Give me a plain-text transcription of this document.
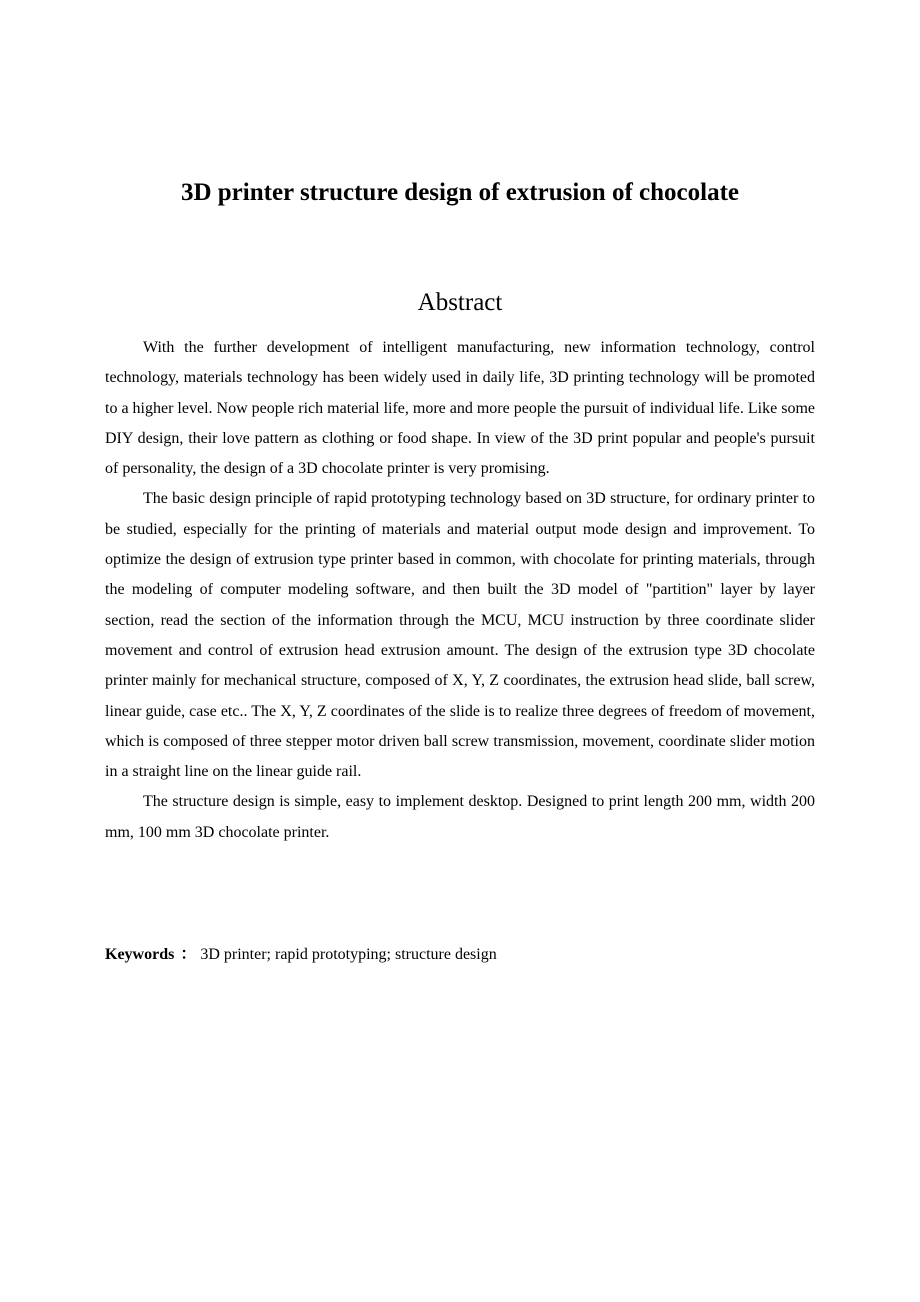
3D printer structure design of extrusion of chocolate
Abstract

With the further development of intelligent manufacturing, new information technology, control technology, materials technology has been widely used in daily life, 3D printing technology will be promoted to a higher level. Now people rich material life, more and more people the pursuit of individual life. Like some DIY design, their love pattern as clothing or food shape. In view of the 3D print popular and people's pursuit of personality, the design of a 3D chocolate printer is very promising.

The basic design principle of rapid prototyping technology based on 3D structure, for ordinary printer to be studied, especially for the printing of materials and material output mode design and improvement. To optimize the design of extrusion type printer based in common, with chocolate for printing materials, through the modeling of computer modeling software, and then built the 3D model of "partition" layer by layer section, read the section of the information through the MCU, MCU instruction by three coordinate slider movement and control of extrusion head extrusion amount. The design of the extrusion type 3D chocolate printer mainly for mechanical structure, composed of X, Y, Z coordinates, the extrusion head slide, ball screw, linear guide, case etc.. The X, Y, Z coordinates of the slide is to realize three degrees of freedom of movement, which is composed of three stepper motor driven ball screw transmission, movement, coordinate slider motion in a straight line on the linear guide rail.

The structure design is simple, easy to implement desktop. Designed to print length 200 mm, width 200 mm, 100 mm 3D chocolate printer.

Keywords ： 3D printer; rapid prototyping; structure design
